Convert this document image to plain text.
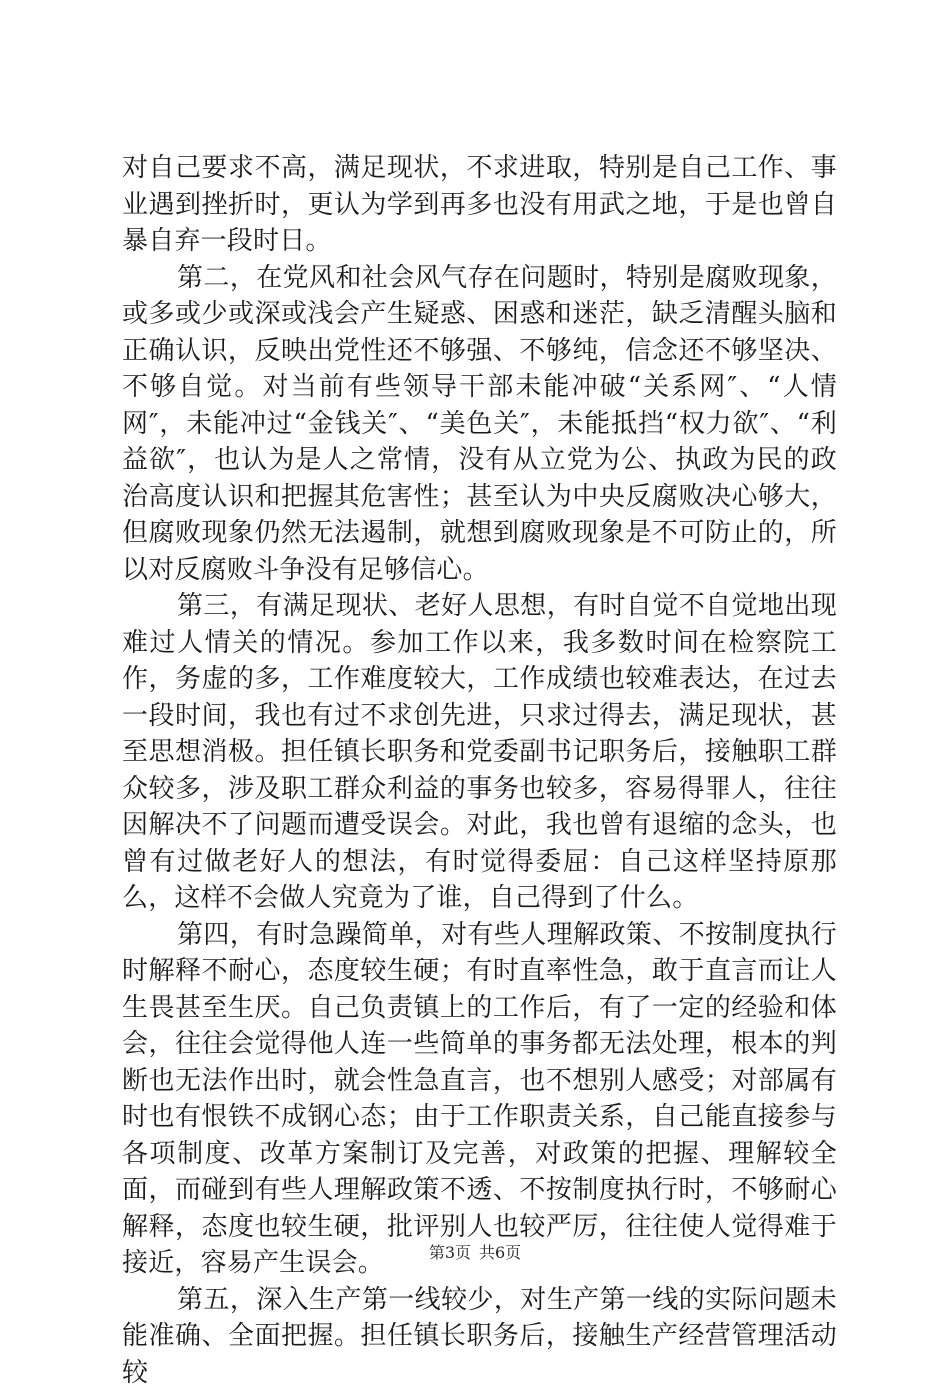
对自己要求不高，满足现状，不求进取，特别是自己工作、事业遇到挫折时，更认为学到再多也没有用武之地，于是也曾自暴自弃一段时日。

第二，在党风和社会风气存在问题时，特别是腐败现象，或多或少或深或浅会产生疑惑、困惑和迷茫，缺乏清醒头脑和正确认识，反映出党性还不够强、不够纯，信念还不够坚决、不够自觉。对当前有些领导干部未能冲破“关系网″、“人情网″，未能冲过“金钱关″、“美色关″，未能抵挡“权力欲″、“利益欲″，也认为是人之常情，没有从立党为公、执政为民的政治高度认识和把握其危害性；甚至认为中央反腐败决心够大，但腐败现象仍然无法遏制，就想到腐败现象是不可防止的，所以对反腐败斗争没有足够信心。

第三，有满足现状、老好人思想，有时自觉不自觉地出现难过人情关的情况。参加工作以来，我多数时间在检察院工作，务虚的多，工作难度较大，工作成绩也较难表达，在过去一段时间，我也有过不求创先进，只求过得去，满足现状，甚至思想消极。担任镇长职务和党委副书记职务后，接触职工群众较多，涉及职工群众利益的事务也较多，容易得罪人，往往因解决不了问题而遭受误会。对此，我也曾有退缩的念头，也曾有过做老好人的想法，有时觉得委屈：自己这样坚持原那么，这样不会做人究竟为了谁，自己得到了什么。

第四，有时急躁简单，对有些人理解政策、不按制度执行时解释不耐心，态度较生硬；有时直率性急，敢于直言而让人生畏甚至生厌。自己负责镇上的工作后，有了一定的经验和体会，往往会觉得他人连一些简单的事务都无法处理，根本的判断也无法作出时，就会性急直言，也不想别人感受；对部属有时也有恨铁不成钢心态；由于工作职责关系，自己能直接参与各项制度、改革方案制订及完善，对政策的把握、理解较全面，而碰到有些人理解政策不透、不按制度执行时，不够耐心解释，态度也较生硬，批评别人也较严厉，往往使人觉得难于接近，容易产生误会。

第五，深入生产第一线较少，对生产第一线的实际问题未能准确、全面把握。担任镇长职务后，接触生产经营管理活动较

第3页 共6页
